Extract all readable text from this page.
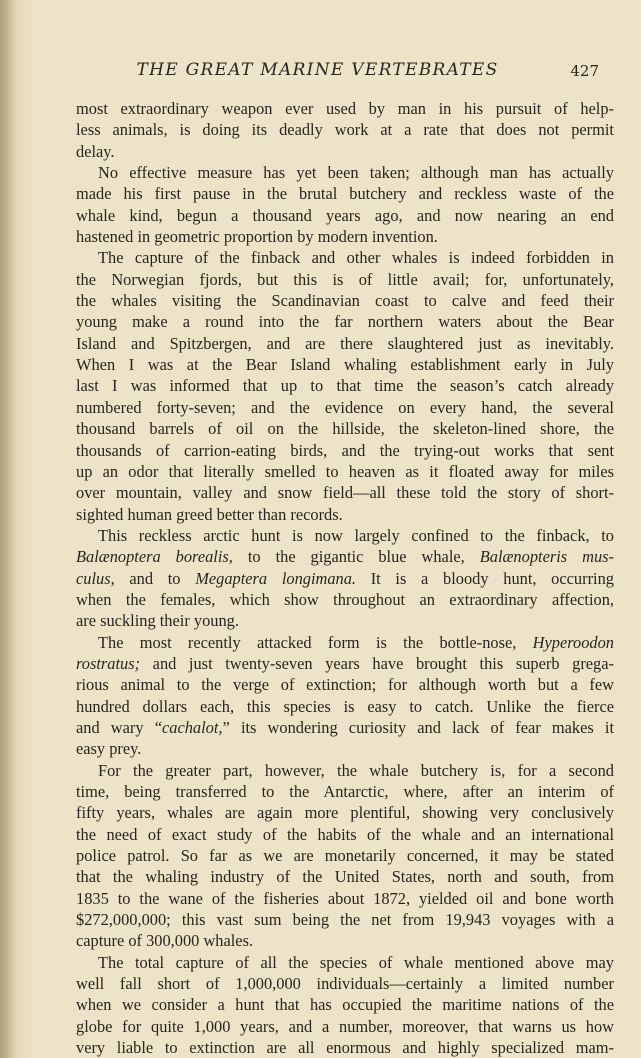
THE GREAT MARINE VERTEBRATES	427
most extraordinary weapon ever used by man in his pursuit of help-
less animals, is doing its deadly work at a rate that does not permit
delay.
No effective measure has yet been taken; although man has actually
made his first pause in the brutal butchery and reckless waste of the
whale kind, begun a thousand years ago, and now nearing an end
hastened in geometric proportion by modern invention.
The capture of the finback and other whales is indeed forbidden in
the Norwegian fjords, but this is of little avail; for, unfortunately,
the whales visiting the Scandinavian coast to calve and feed their
young make a round into the far northern waters about the Bear
Island and Spitzbergen, and are there slaughtered just as inevitably.
When I was at the Bear Island whaling establishment early in July
last I was informed that up to that time the season’s catch already
numbered forty-seven; and the evidence on every hand, the several
thousand barrels of oil on the hillside, the skeleton-lined shore, the
thousands of carrion-eating birds, and the trying-out works that sent
up an odor that literally smelled to heaven as it floated away for miles
over mountain, valley and snow field—all these told the story of short-
sighted human greed better than records.
This reckless arctic hunt is now largely confined to the finback, to
Balænoptera borealis, to the gigantic blue whale, Balænopteris mus-
culus, and to Megaptera longimana. It is a bloody hunt, occurring
when the females, which show throughout an extraordinary affection,
are suckling their young.
The most recently attacked form is the bottle-nose, Hyperoodon
rostratus; and just twenty-seven years have brought this superb grega-
rious animal to the verge of extinction; for although worth but a few
hundred dollars each, this species is easy to catch. Unlike the fierce
and wary “cachalot,” its wondering curiosity and lack of fear makes it
easy prey.
For the greater part, however, the whale butchery is, for a second
time, being transferred to the Antarctic, where, after an interim of
fifty years, whales are again more plentiful, showing very conclusively
the need of exact study of the habits of the whale and an international
police patrol. So far as we are monetarily concerned, it may be stated
that the whaling industry of the United States, north and south, from
1835 to the wane of the fisheries about 1872, yielded oil and bone worth
$272,000,000; this vast sum being the net from 19,943 voyages with a
capture of 300,000 whales.
The total capture of all the species of whale mentioned above may
well fall short of 1,000,000 individuals—certainly a limited number
when we consider a hunt that has occupied the maritime nations of the
globe for quite 1,000 years, and a number, moreover, that warns us how
very liable to extinction are all enormous and highly specialized mam-
